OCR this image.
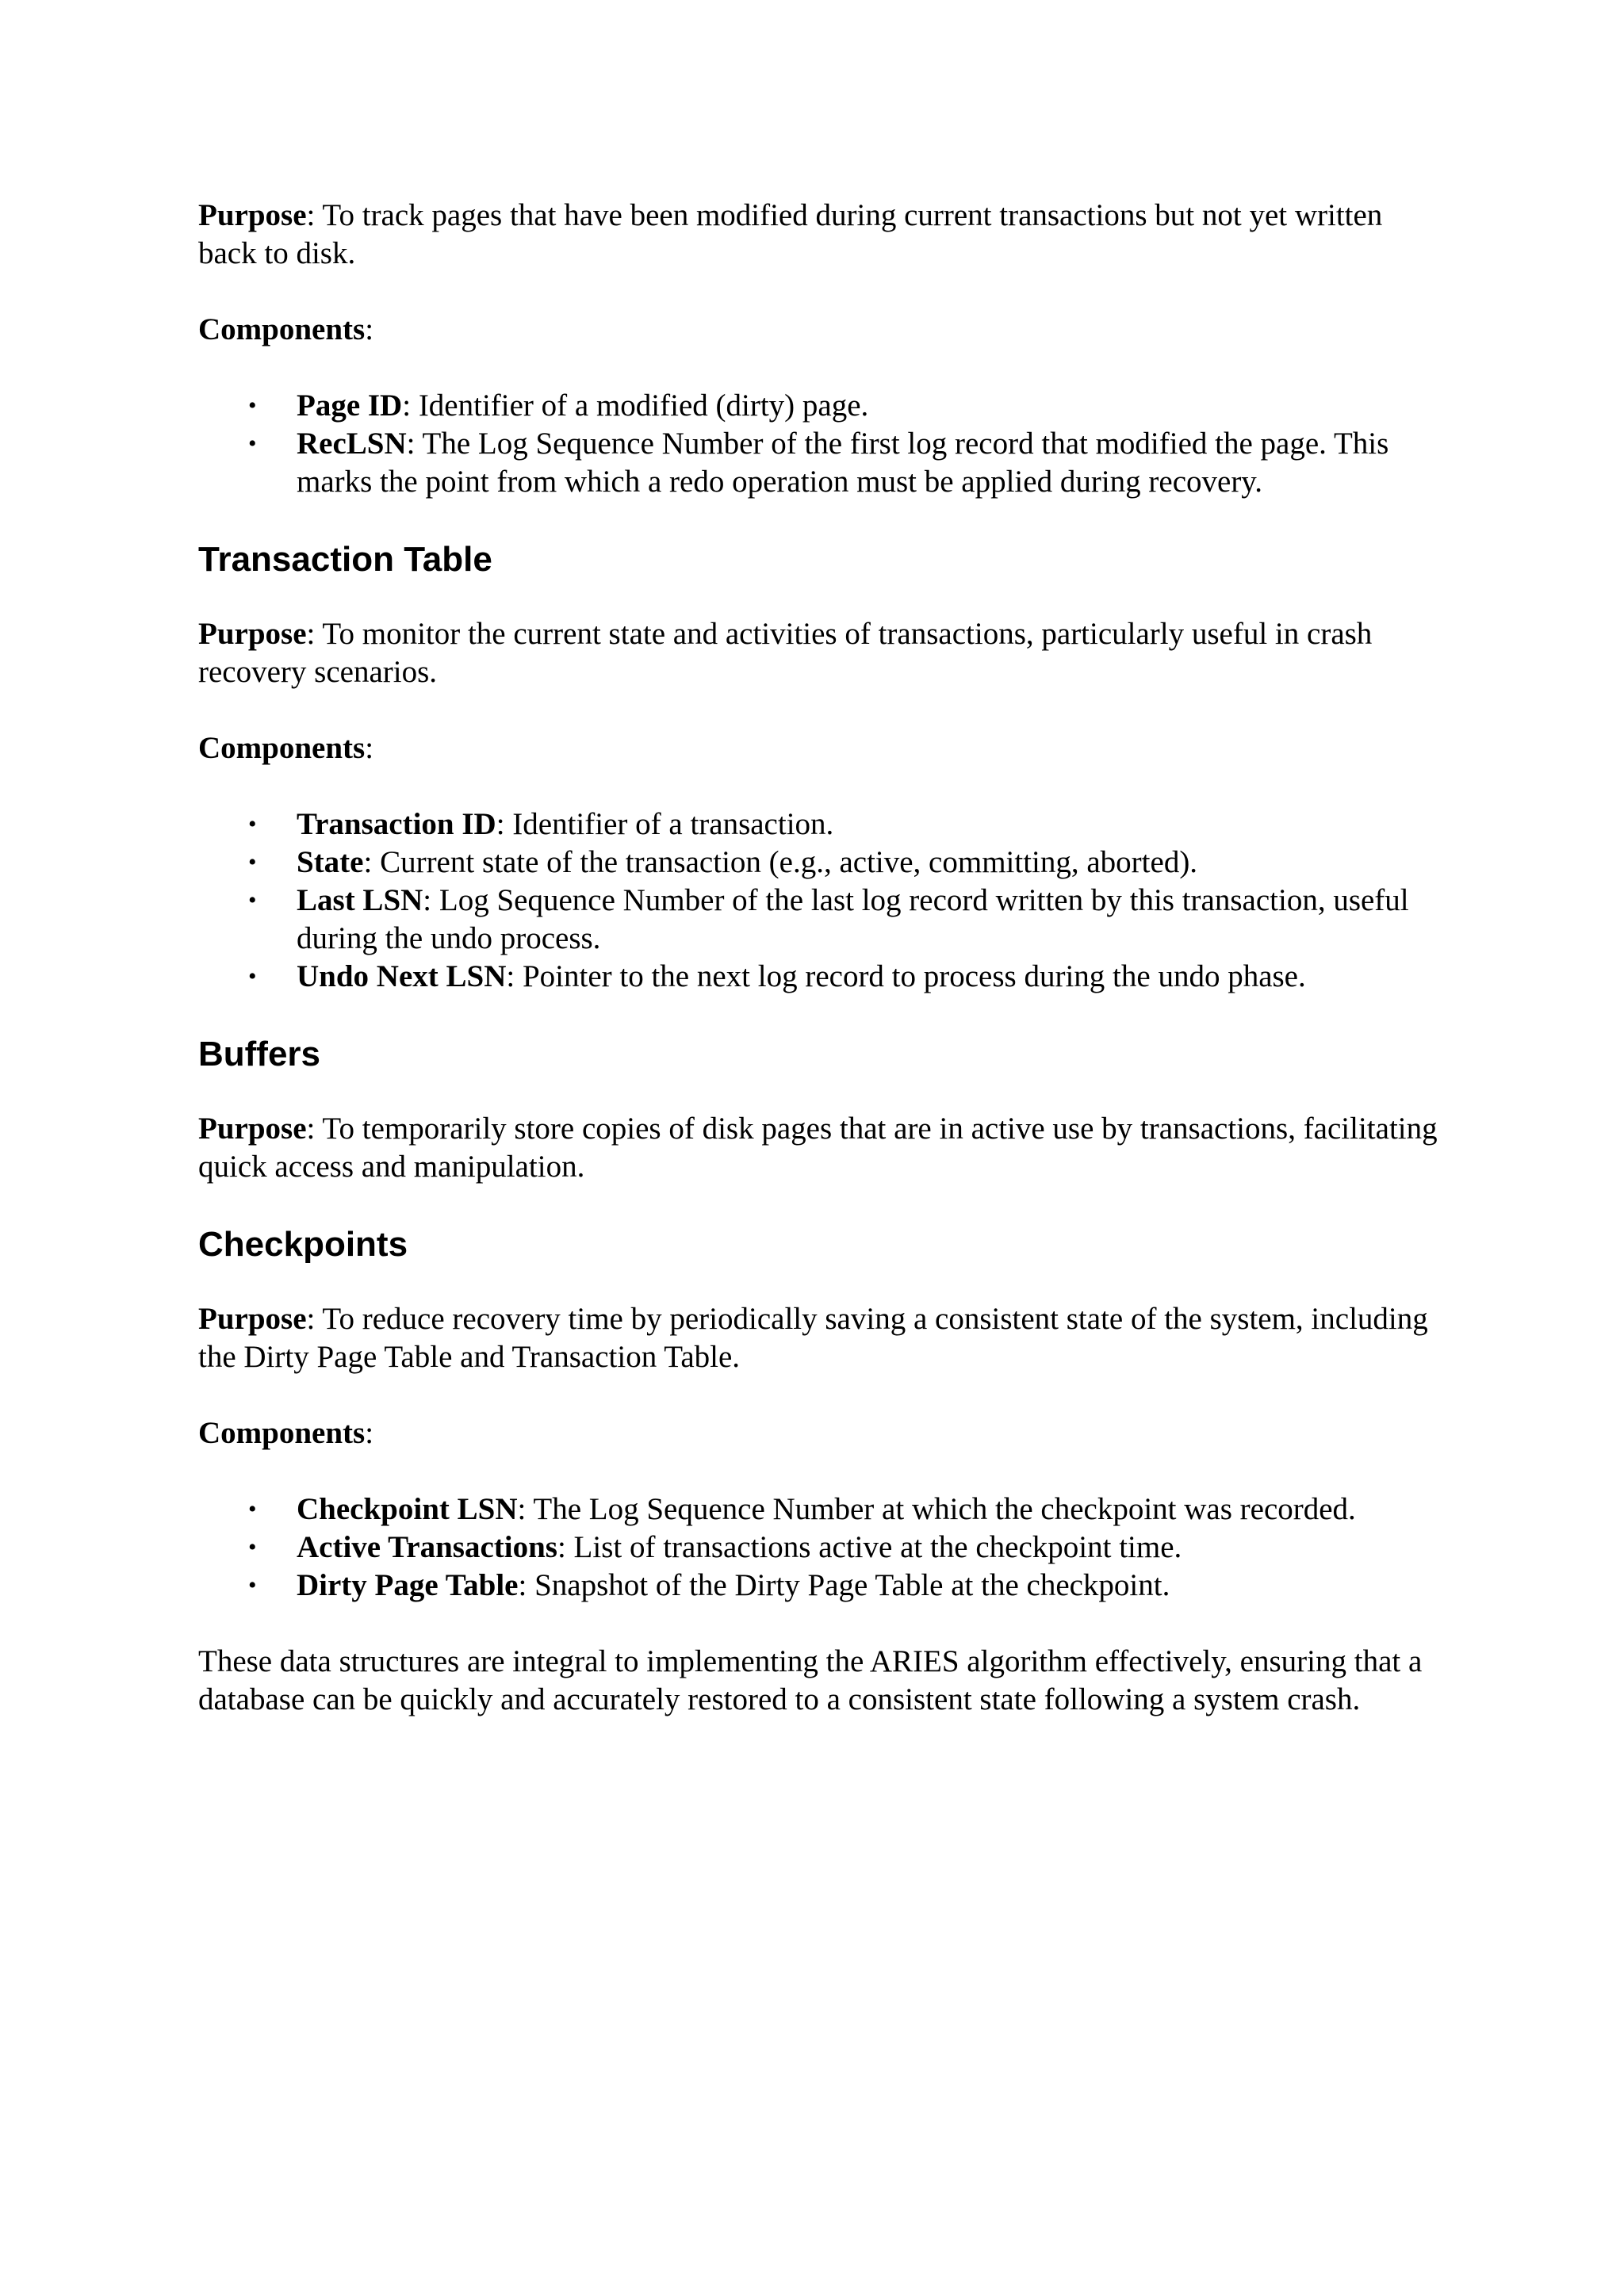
Purpose: To track pages that have been modified during current transactions but not yet written back to disk.

Components:

• Page ID: Identifier of a modified (dirty) page.
• RecLSN: The Log Sequence Number of the first log record that modified the page. This marks the point from which a redo operation must be applied during recovery.
Transaction Table

Purpose: To monitor the current state and activities of transactions, particularly useful in crash recovery scenarios.

Components:

• Transaction ID: Identifier of a transaction.
• State: Current state of the transaction (e.g., active, committing, aborted).
• Last LSN: Log Sequence Number of the last log record written by this transaction, useful during the undo process.
• Undo Next LSN: Pointer to the next log record to process during the undo phase.
Buffers

Purpose: To temporarily store copies of disk pages that are in active use by transactions, facilitating quick access and manipulation.

Checkpoints

Purpose: To reduce recovery time by periodically saving a consistent state of the system, including the Dirty Page Table and Transaction Table.

Components:

• Checkpoint LSN: The Log Sequence Number at which the checkpoint was recorded.
• Active Transactions: List of transactions active at the checkpoint time.
• Dirty Page Table: Snapshot of the Dirty Page Table at the checkpoint.

These data structures are integral to implementing the ARIES algorithm effectively, ensuring that a database can be quickly and accurately restored to a consistent state following a system crash.
